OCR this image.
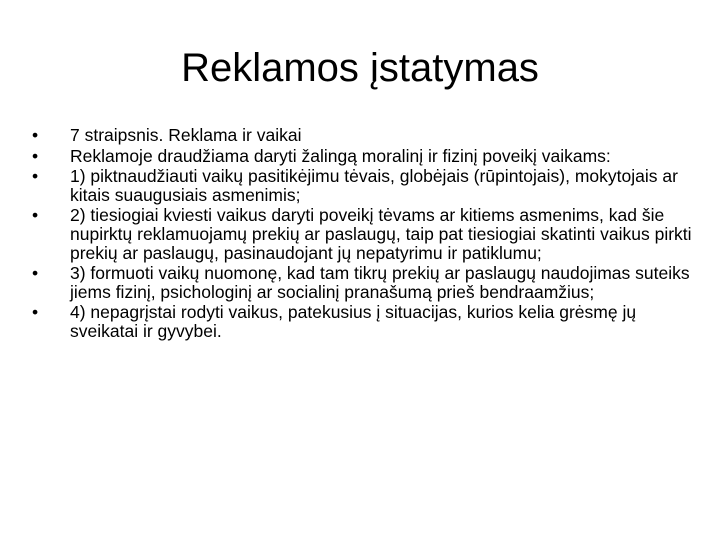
Reklamos įstatymas
•	7 straipsnis. Reklama ir vaikai
•	Reklamoje draudžiama daryti žalingą moralinį ir fizinį poveikį vaikams:
•	1) piktnaudžiauti vaikų pasitikėjimu tėvais, globėjais (rūpintojais), mokytojais ar kitais suaugusiais asmenimis;
•	2) tiesiogiai kviesti vaikus daryti poveikį tėvams ar kitiems asmenims, kad šie nupirktų reklamuojamų prekių ar paslaugų, taip pat tiesiogiai skatinti vaikus pirkti prekių ar paslaugų, pasinaudojant jų nepatyrimu ir patiklumu;
•	3) formuoti vaikų nuomonę, kad tam tikrų prekių ar paslaugų naudojimas suteiks jiems fizinį, psichologinį ar socialinį pranašumą prieš bendraamžius;
•	4) nepagrįstai rodyti vaikus, patekusius į situacijas, kurios kelia grėsmę jų sveikatai ir gyvybei.
